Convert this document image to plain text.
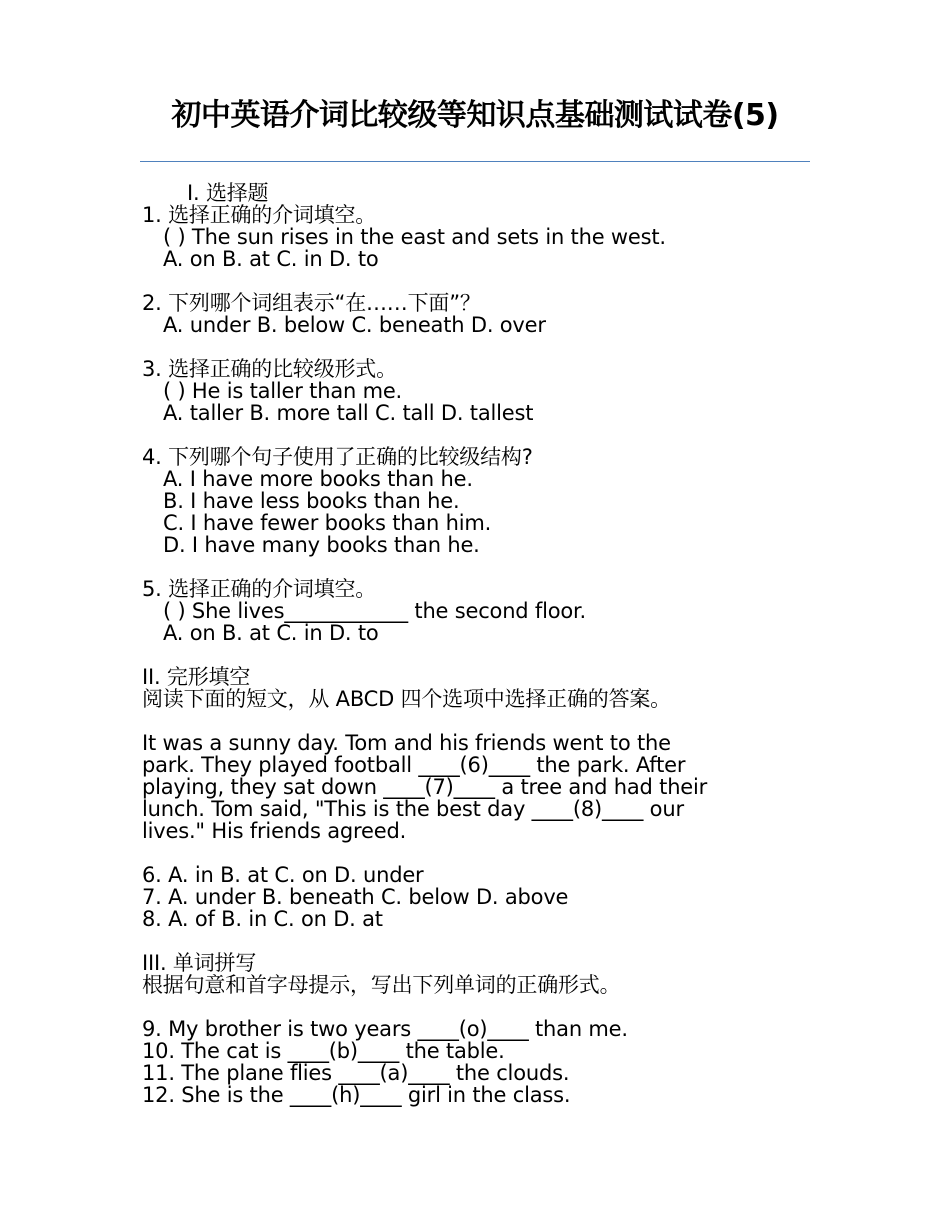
初中英语介词比较级等知识点基础测试试卷(5)
I. 选择题
1. 选择正确的介词填空。
( ) The sun rises in the east and sets in the west.
A. on B. at C. in D. to
2. 下列哪个词组表示“在……下面”？
A. under B. below C. beneath D. over
3. 选择正确的比较级形式。
( ) He is taller than me.
A. taller B. more tall C. tall D. tallest
4. 下列哪个句子使用了正确的比较级结构?
A. I have more books than he.
B. I have less books than he.
C. I have fewer books than him.
D. I have many books than he.
5. 选择正确的介词填空。
( ) She lives____________ the second floor.
A. on B. at C. in D. to
II. 完形填空
阅读下面的短文，从 ABCD 四个选项中选择正确的答案。
It was a sunny day. Tom and his friends went to the
park. They played football ____(6)____ the park. After
playing, they sat down ____(7)____ a tree and had their
lunch. Tom said, "This is the best day ____(8)____ our
lives." His friends agreed.
6. A. in B. at C. on D. under
7. A. under B. beneath C. below D. above
8. A. of B. in C. on D. at
III. 单词拼写
根据句意和首字母提示，写出下列单词的正确形式。
9. My brother is two years ____(o)____ than me.
10. The cat is ____(b)____ the table.
11. The plane flies ____(a)____ the clouds.
12. She is the ____(h)____ girl in the class.
